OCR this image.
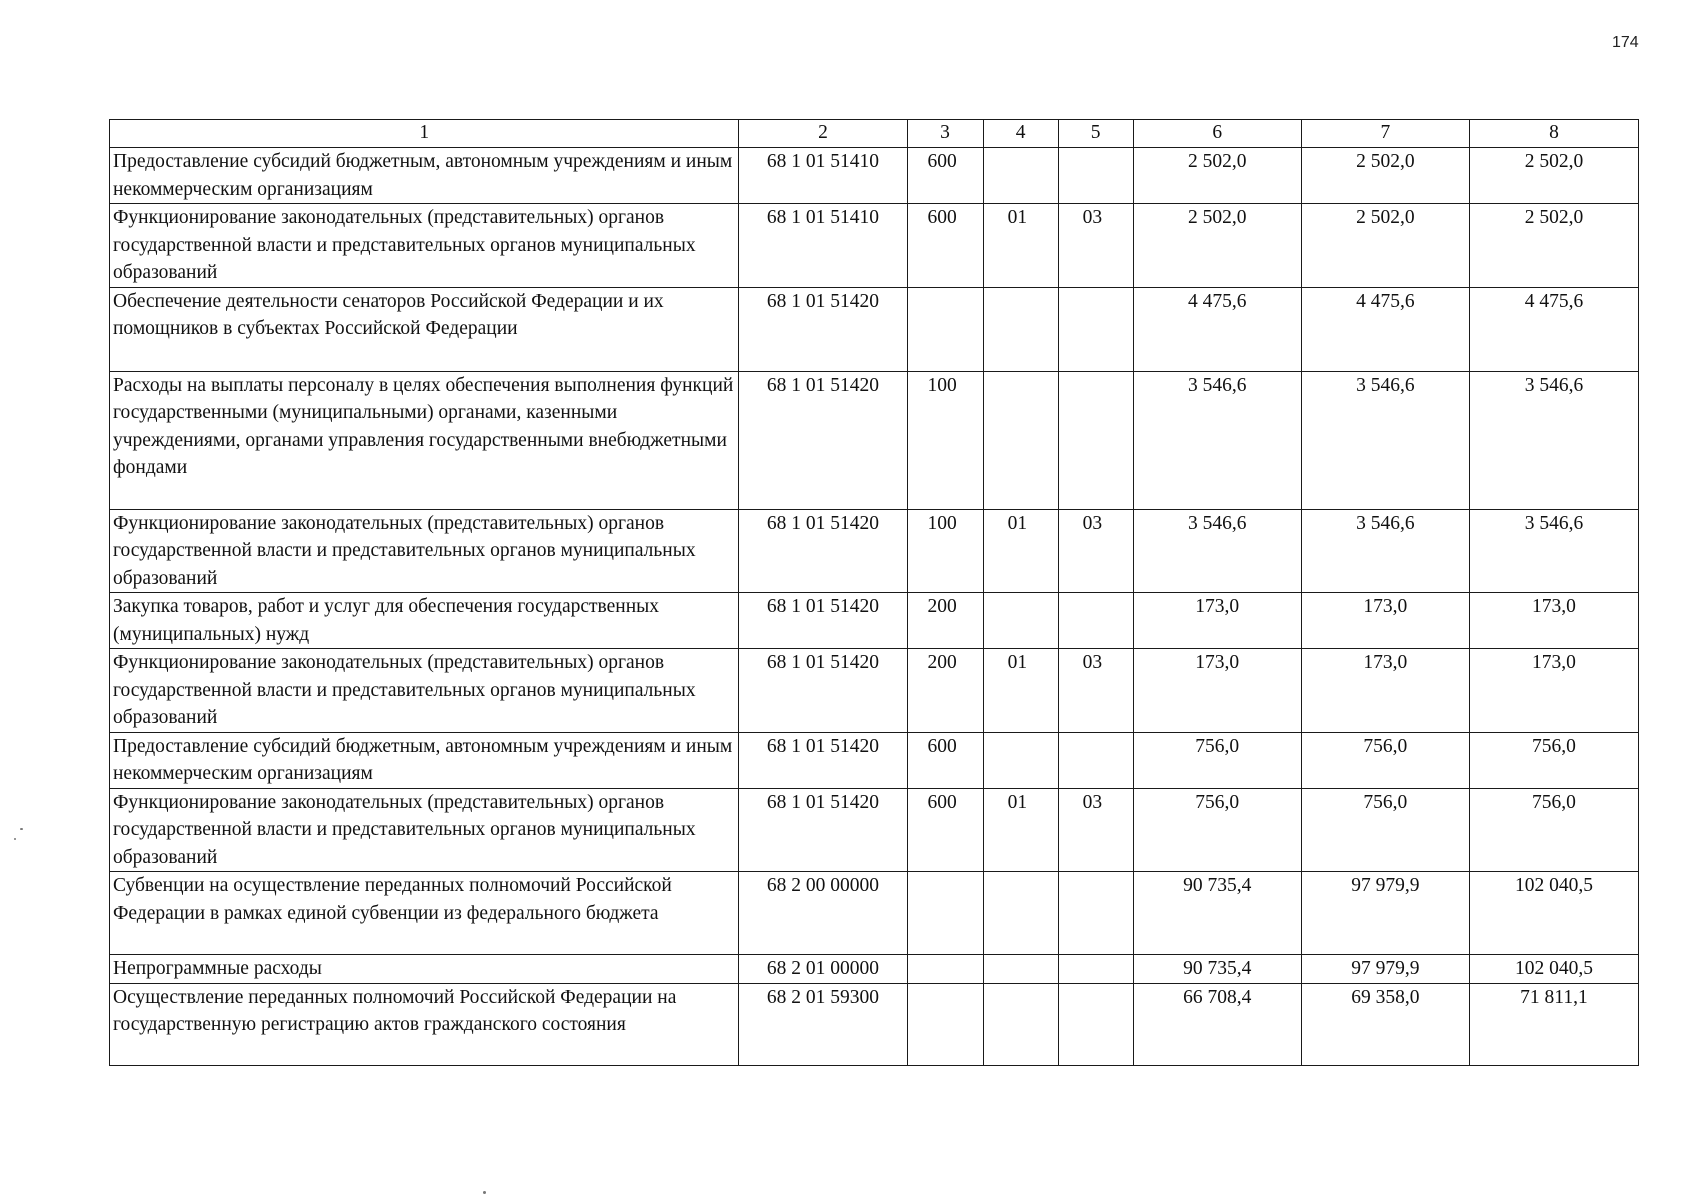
174
1	2	3	4	5	6	7	8
Предоставление субсидий бюджетным, автономным учреждениям и иным некоммерческим организациям	68 1 01 51410	600			2 502,0	2 502,0	2 502,0
Функционирование законодательных (представительных) органов государственной власти и представительных органов муниципальных образований	68 1 01 51410	600	01	03	2 502,0	2 502,0	2 502,0
Обеспечение деятельности сенаторов Российской Федерации и их помощников в субъектах Российской Федерации	68 1 01 51420				4 475,6	4 475,6	4 475,6
Расходы на выплаты персоналу в целях обеспечения выполнения функций государственными (муниципальными) органами, казенными учреждениями, органами управления государственными внебюджетными фондами	68 1 01 51420	100			3 546,6	3 546,6	3 546,6
Функционирование законодательных (представительных) органов государственной власти и представительных органов муниципальных образований	68 1 01 51420	100	01	03	3 546,6	3 546,6	3 546,6
Закупка товаров, работ и услуг для обеспечения государственных (муниципальных) нужд	68 1 01 51420	200			173,0	173,0	173,0
Функционирование законодательных (представительных) органов государственной власти и представительных органов муниципальных образований	68 1 01 51420	200	01	03	173,0	173,0	173,0
Предоставление субсидий бюджетным, автономным учреждениям и иным некоммерческим организациям	68 1 01 51420	600			756,0	756,0	756,0
Функционирование законодательных (представительных) органов государственной власти и представительных органов муниципальных образований	68 1 01 51420	600	01	03	756,0	756,0	756,0
Субвенции на осуществление переданных полномочий Российской Федерации в рамках единой субвенции из федерального бюджета	68 2 00 00000				90 735,4	97 979,9	102 040,5
Непрограммные расходы	68 2 01 00000				90 735,4	97 979,9	102 040,5
Осуществление переданных полномочий Российской Федерации на государственную регистрацию актов гражданского состояния	68 2 01 59300				66 708,4	69 358,0	71 811,1
